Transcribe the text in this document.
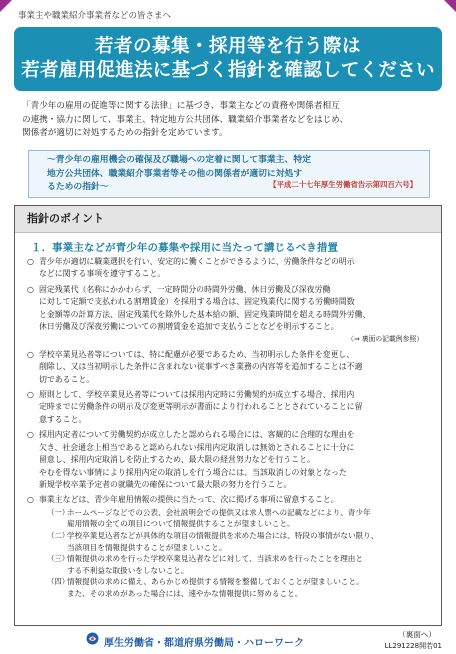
事業主や職業紹介事業者などの皆さまへ
若者の募集・採用等を行う際は
若者雇用促進法に基づく指針を確認してください
「青少年の雇用の促進等に関する法律」に基づき、事業主などの責務や関係者相互
の連携・協力に関して、事業主、特定地方公共団体、職業紹介事業者などをはじめ、
関係者が適切に対処するための指針を定めています。
～青少年の雇用機会の確保及び職場への定着に関して事業主、特定
地方公共団体、職業紹介事業者等その他の関係者が適切に対処す
るための指針～	【平成二十七年厚生労働省告示第四百六号】
指針のポイント
１．事業主などが青少年の募集や採用に当たって講じるべき措置
○ 青少年が適切に職業選択を行い、安定的に働くことができるように、労働条件などの明示
などに関する事項を遵守すること。
○ 固定残業代（名称にかかわらず、一定時間分の時間外労働、休日労働及び深夜労働
に対して定額で支払われる割増賃金）を採用する場合は、固定残業代に関する労働時間数
と金額等の計算方法、固定残業代を除外した基本給の額、固定残業時間を超える時間外労働、
休日労働及び深夜労働についての割増賃金を追加で支払うことなどを明示すること。
（⇒ 裏面の記載例参照）
○ 学校卒業見込者等については、特に配慮が必要であるため、当初明示した条件を変更し、
削除し、又は当初明示した条件に含まれない従事すべき業務の内容等を追加することは不適
切であること。
○ 原則として、学校卒業見込者等については採用内定時に労働契約が成立する場合、採用内
定時までに労働条件の明示及び変更等明示が書面により行われることとされていることに留
意すること。
○ 採用内定者について労働契約が成立したと認められる場合には、客観的に合理的な理由を
欠き、社会通念上相当であると認められない採用内定取消しは無効とされることに十分に
留意し、採用内定取消しを防止するため、最大限の経営努力などを行うこと。
やむを得ない事情により採用内定の取消しを行う場合には、当該取消しの対象となった
新規学校卒業予定者の就職先の確保について最大限の努力を行うこと。
○ 事業主などは、青少年雇用情報の提供に当たって、次に掲げる事項に留意すること。
（一）
ホームページなどでの公表、会社説明会での提供又は求人票への記載などにより、青少年
雇用情報の全ての項目について情報提供することが望ましいこと。
（二）
学校卒業見込者などが具体的な項目の情報提供を求めた場合には、特段の事情がない限り、
当該項目を情報提供することが望ましいこと。
（三）
情報提供の求めを行った学校卒業見込者などに対して、当該求めを行ったことを理由と
する不利益な取扱いをしないこと。
（四）
情報提供の求めに備え、あらかじめ提供する情報を整備しておくことが望ましいこと。
また、その求めがあった場合には、速やかな情報提供に努めること。
厚生労働省・都道府県労働局・ハローワーク
（裏面へ）
LL291228開若01
